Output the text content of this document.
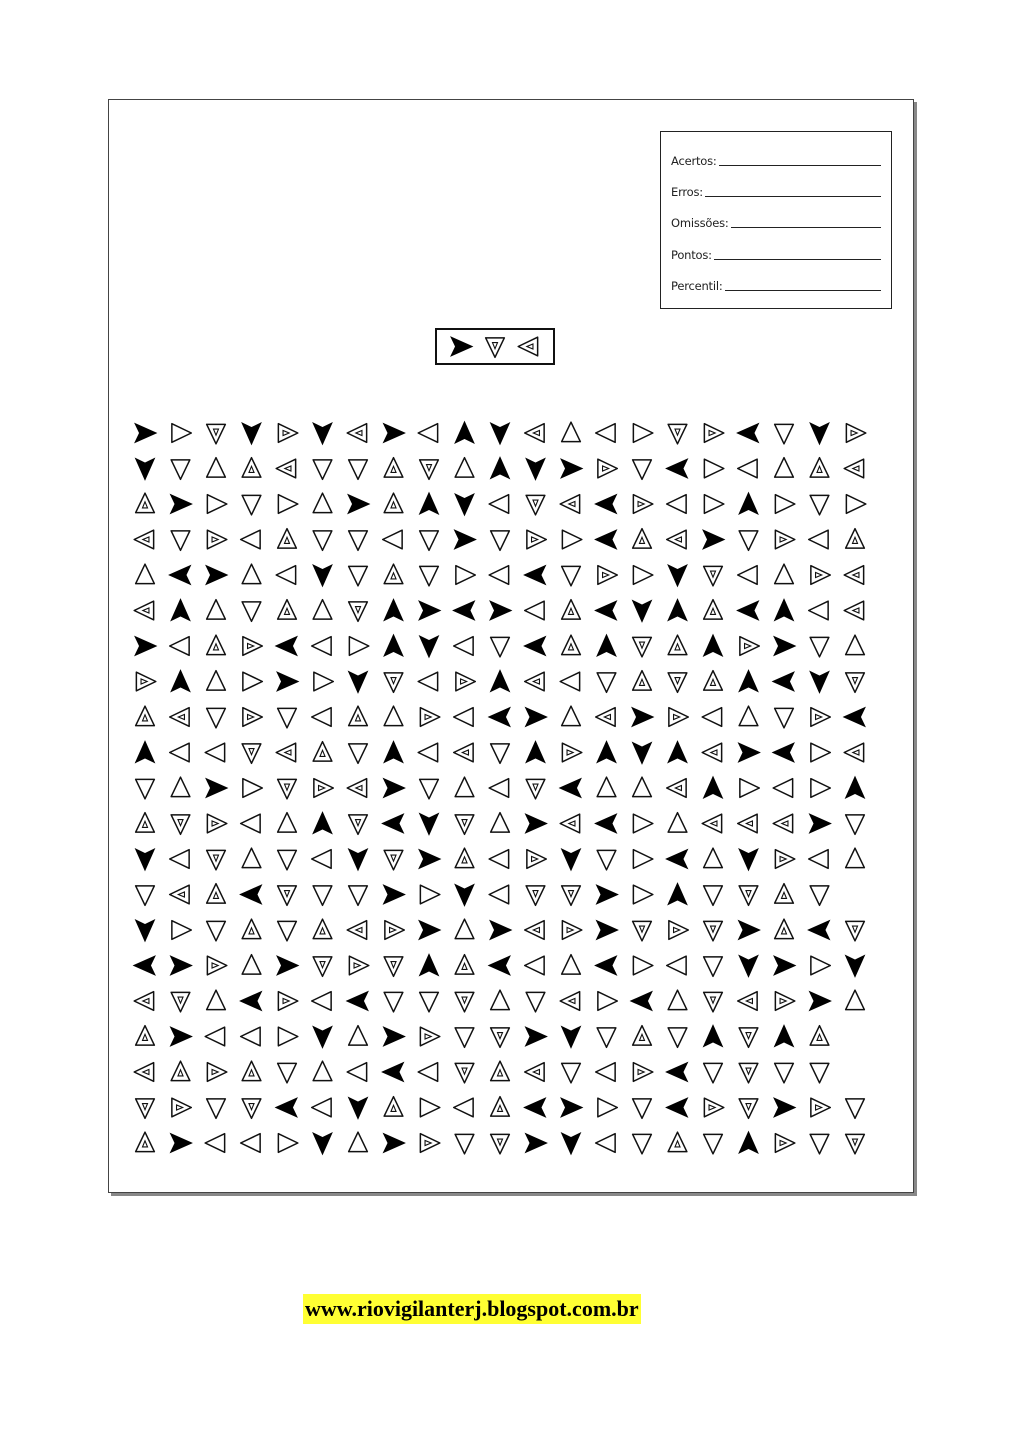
Acertos:
Erros:
Omissões:
Pontos:
Percentil:
www.riovigilanterj.blogspot.com.br
